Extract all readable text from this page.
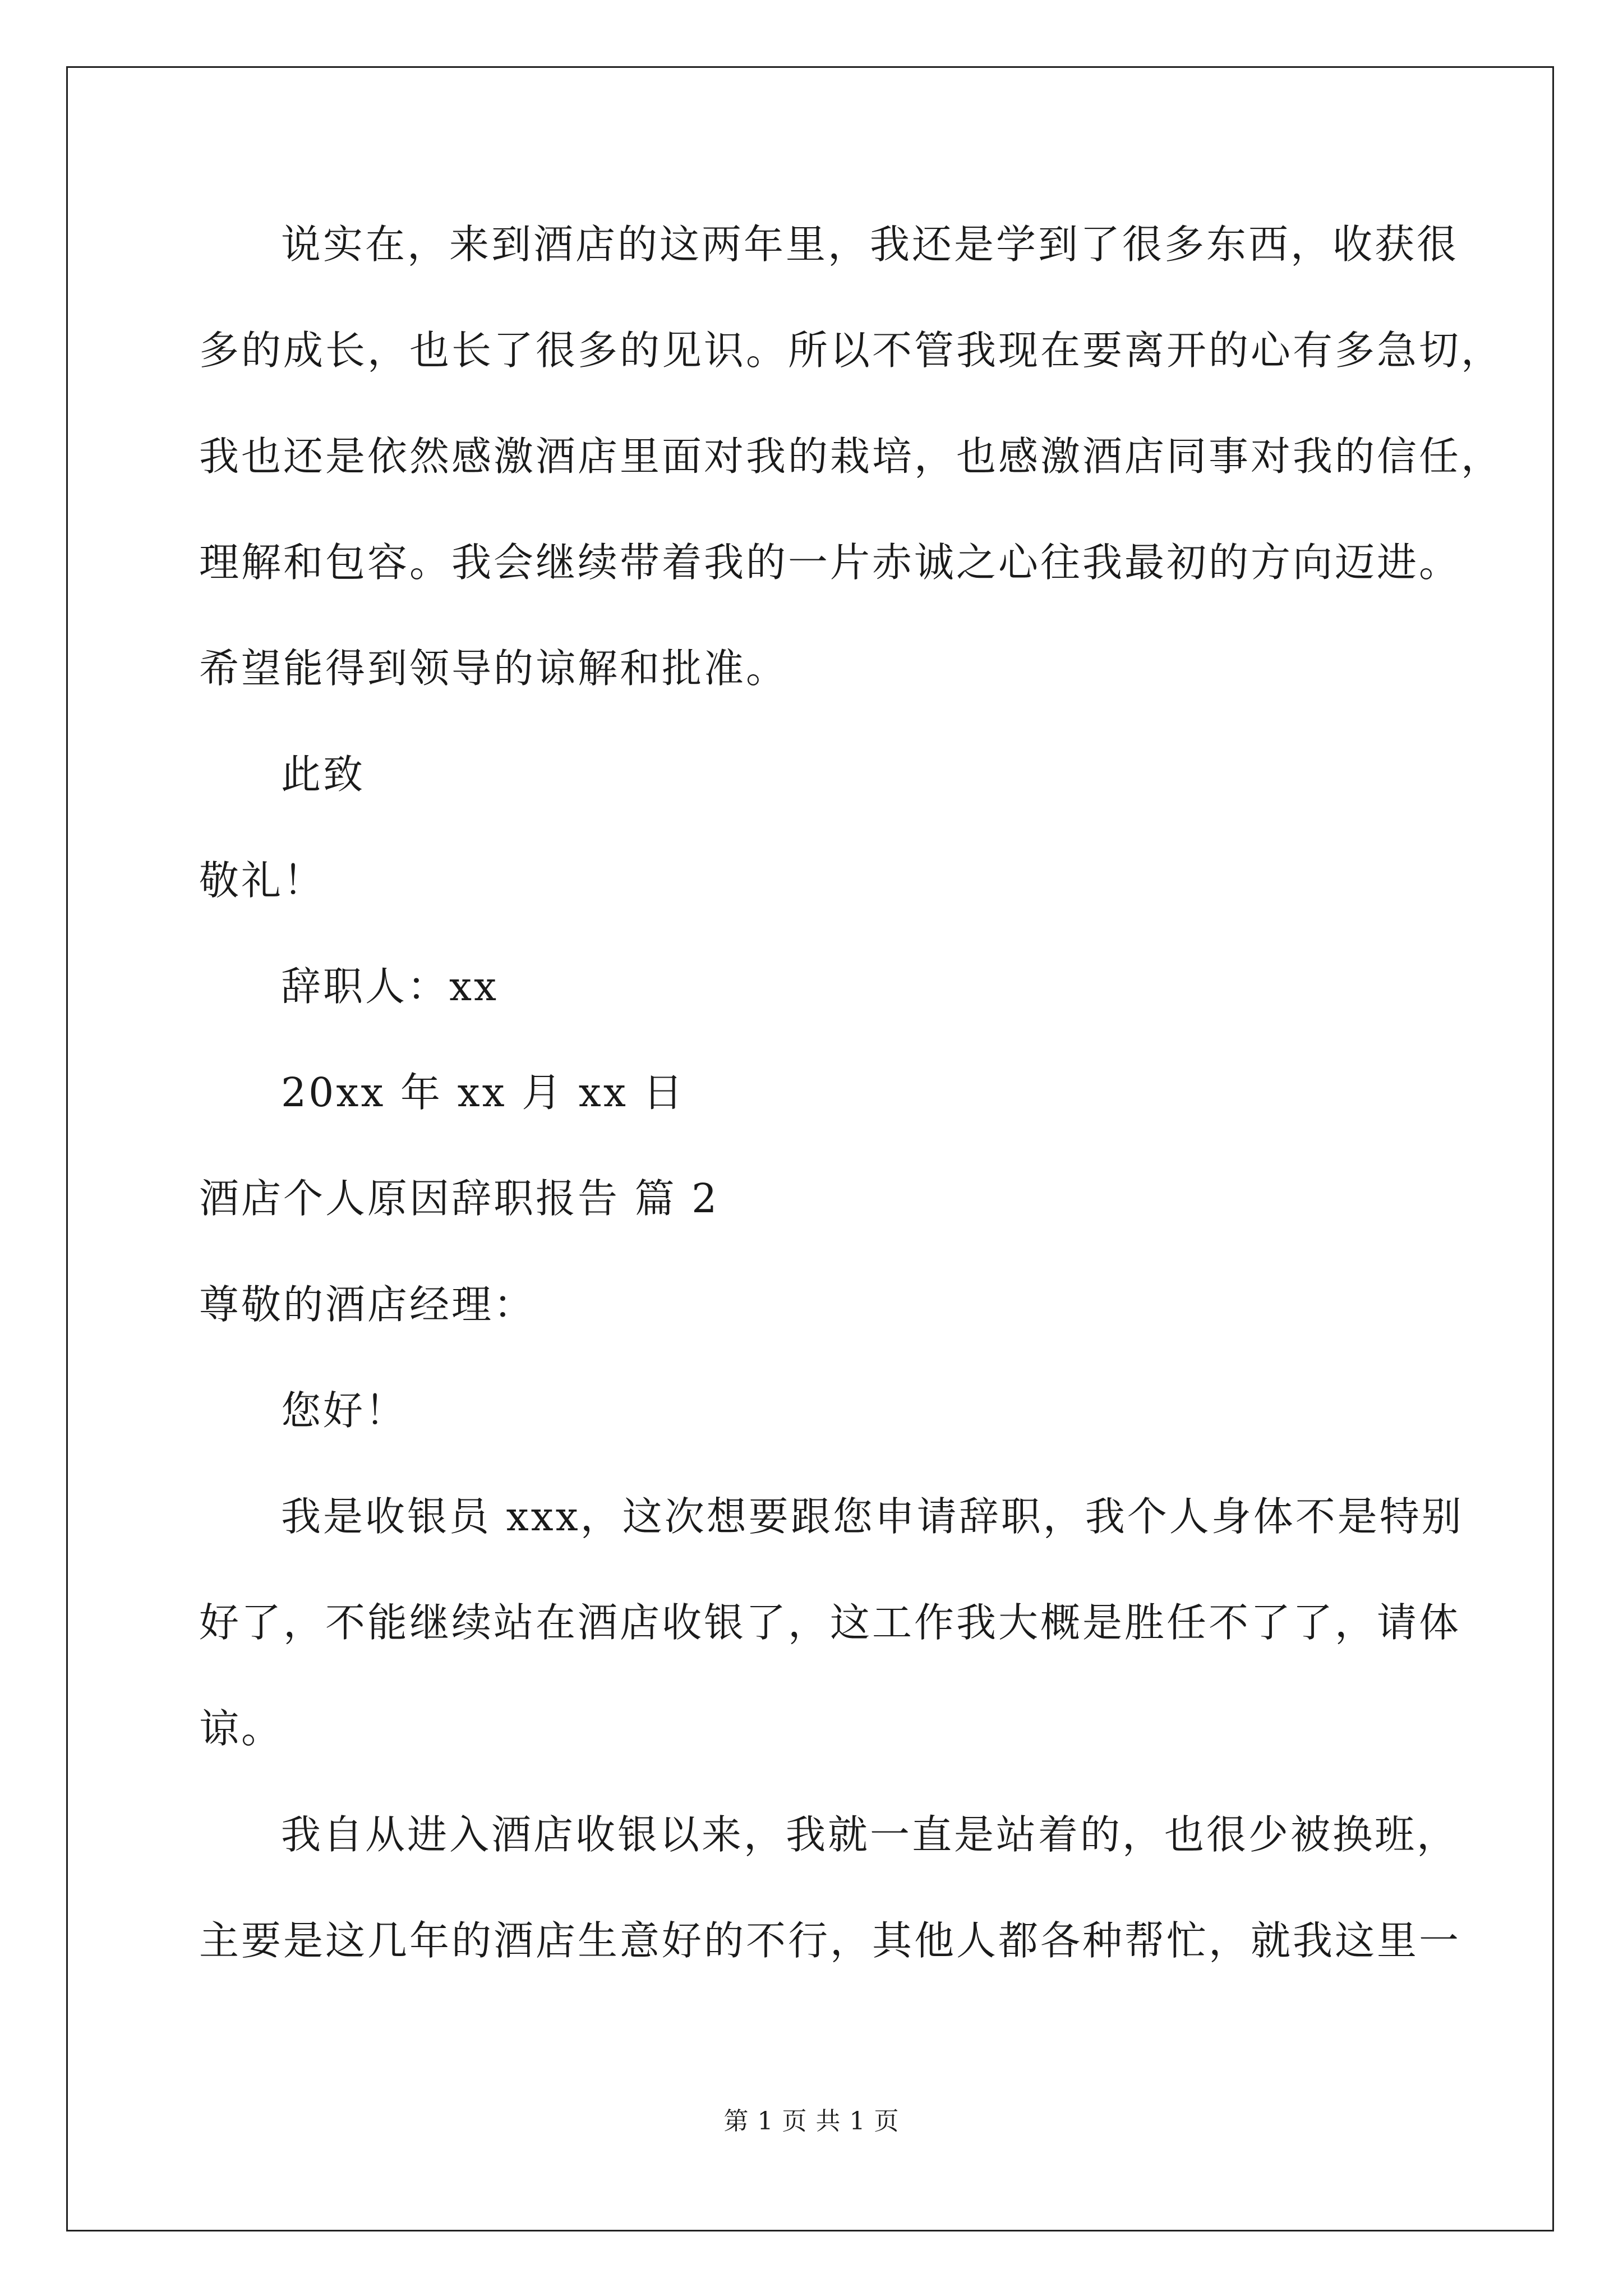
说实在，来到酒店的这两年里，我还是学到了很多东西，收获很
多的成长，也长了很多的见识。所以不管我现在要离开的心有多急切，
我也还是依然感激酒店里面对我的栽培，也感激酒店同事对我的信任，
理解和包容。我会继续带着我的一片赤诚之心往我最初的方向迈进。
希望能得到领导的谅解和批准。
此致
敬礼！
辞职人：xx
20xx 年 xx 月 xx 日
酒店个人原因辞职报告 篇 2
尊敬的酒店经理：
您好！
我是收银员 xxx，这次想要跟您申请辞职，我个人身体不是特别
好了，不能继续站在酒店收银了，这工作我大概是胜任不了了，请体
谅。
我自从进入酒店收银以来，我就一直是站着的，也很少被换班，
主要是这几年的酒店生意好的不行，其他人都各种帮忙，就我这里一
第 1 页 共 1 页
